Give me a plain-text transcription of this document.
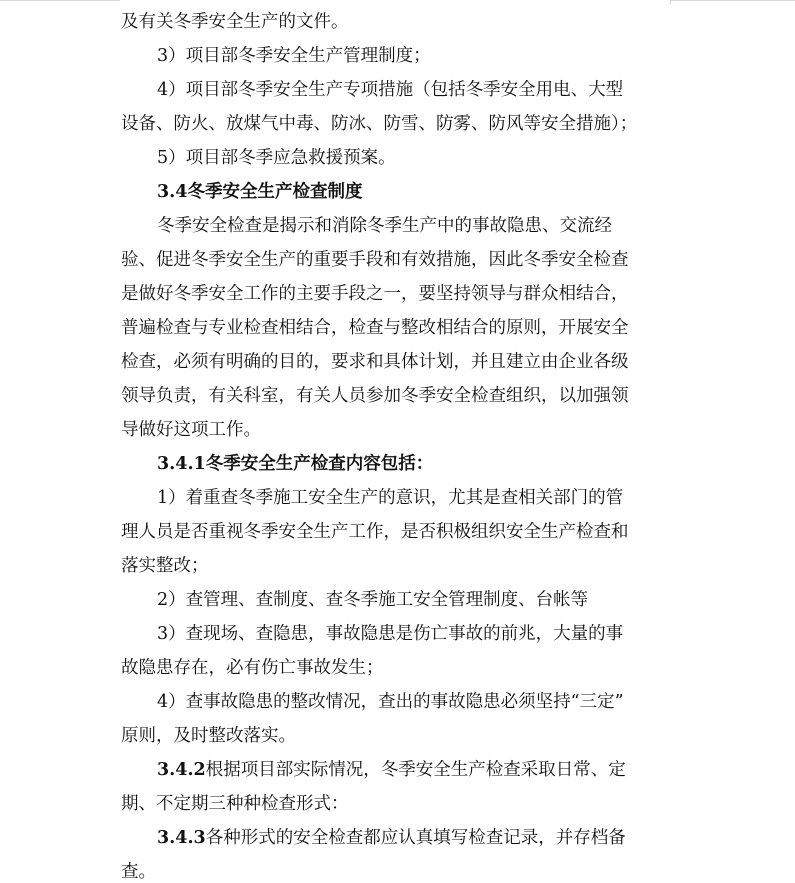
及有关冬季安全生产的文件。
3）项目部冬季安全生产管理制度；
4）项目部冬季安全生产专项措施（包括冬季安全用电、大型
设备、防火、放煤气中毒、防冰、防雪、防雾、防风等安全措施）；
5）项目部冬季应急救援预案。
3.4冬季安全生产检查制度
冬季安全检查是揭示和消除冬季生产中的事故隐患、交流经
验、促进冬季安全生产的重要手段和有效措施，因此冬季安全检查
是做好冬季安全工作的主要手段之一，要坚持领导与群众相结合，
普遍检查与专业检查相结合，检查与整改相结合的原则，开展安全
检查，必须有明确的目的，要求和具体计划，并且建立由企业各级
领导负责，有关科室，有关人员参加冬季安全检查组织，以加强领
导做好这项工作。
3.4.1冬季安全生产检查内容包括：
1）着重查冬季施工安全生产的意识，尤其是查相关部门的管
理人员是否重视冬季安全生产工作，是否积极组织安全生产检查和
落实整改；
2）查管理、查制度、查冬季施工安全管理制度、台帐等
3）查现场、查隐患，事故隐患是伤亡事故的前兆，大量的事
故隐患存在，必有伤亡事故发生；
4）查事故隐患的整改情况，查出的事故隐患必须坚持“三定”
原则，及时整改落实。
3.4.2根据项目部实际情况，冬季安全生产检查采取日常、定
期、不定期三种种检查形式：
3.4.3各种形式的安全检查都应认真填写检查记录，并存档备
查。
